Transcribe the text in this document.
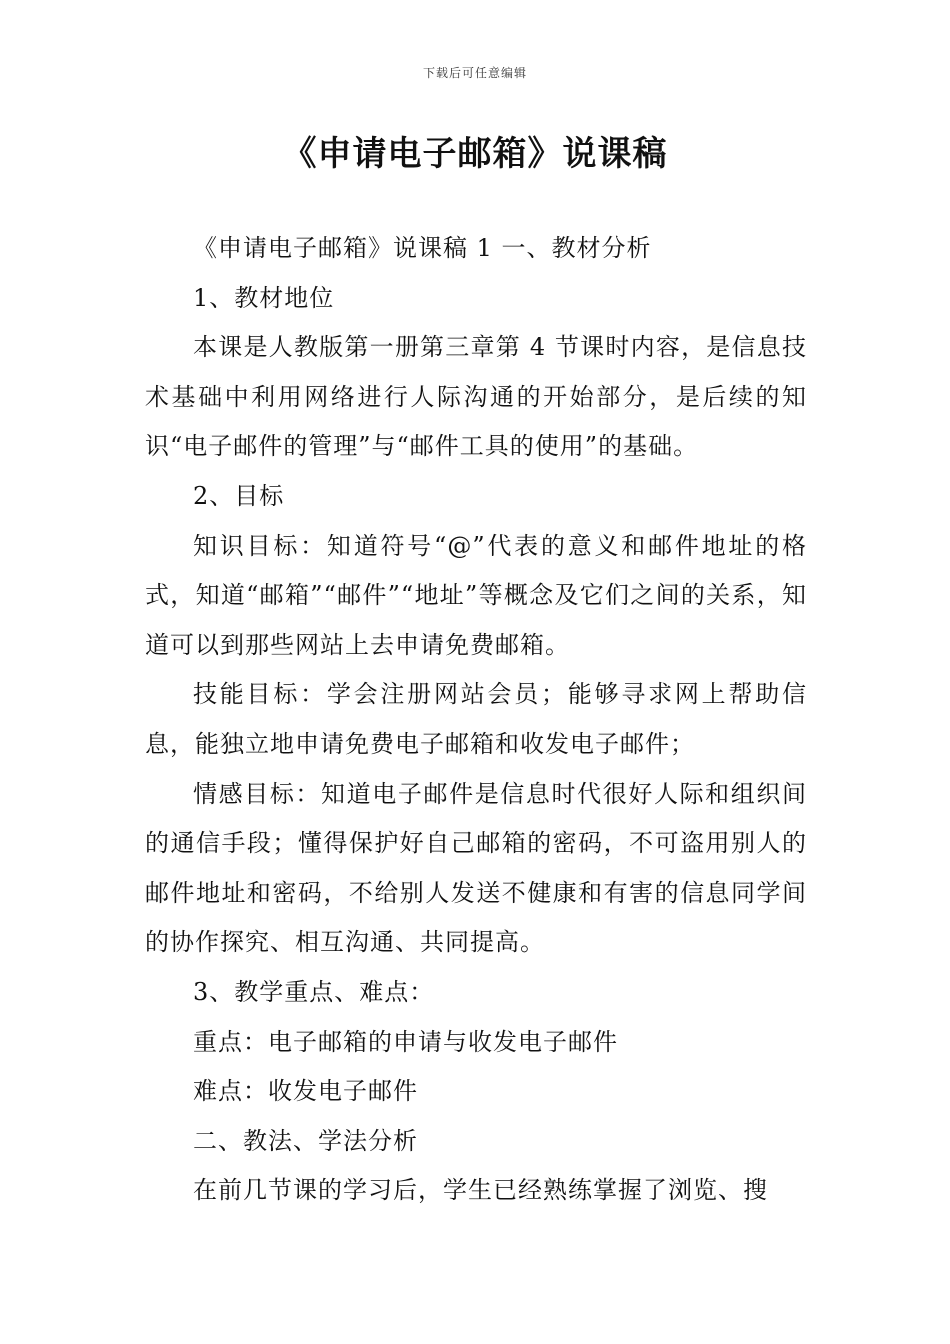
下载后可任意编辑
《申请电子邮箱》说课稿

《申请电子邮箱》说课稿 1 一、教材分析

1、教材地位

本课是人教版第一册第三章第 4 节课时内容，是信息技术基础中利用网络进行人际沟通的开始部分，是后续的知识“电子邮件的管理”与“邮件工具的使用”的基础。

2、目标

知识目标：知道符号“@”代表的意义和邮件地址的格式，知道“邮箱”“邮件”“地址”等概念及它们之间的关系，知道可以到那些网站上去申请免费邮箱。

技能目标：学会注册网站会员；能够寻求网上帮助信息，能独立地申请免费电子邮箱和收发电子邮件；

情感目标：知道电子邮件是信息时代很好人际和组织间的通信手段；懂得保护好自己邮箱的密码，不可盗用别人的邮件地址和密码，不给别人发送不健康和有害的信息同学间的协作探究、相互沟通、共同提高。

3、教学重点、难点：

重点：电子邮箱的申请与收发电子邮件

难点：收发电子邮件

二、教法、学法分析

在前几节课的学习后，学生已经熟练掌握了浏览、搜
